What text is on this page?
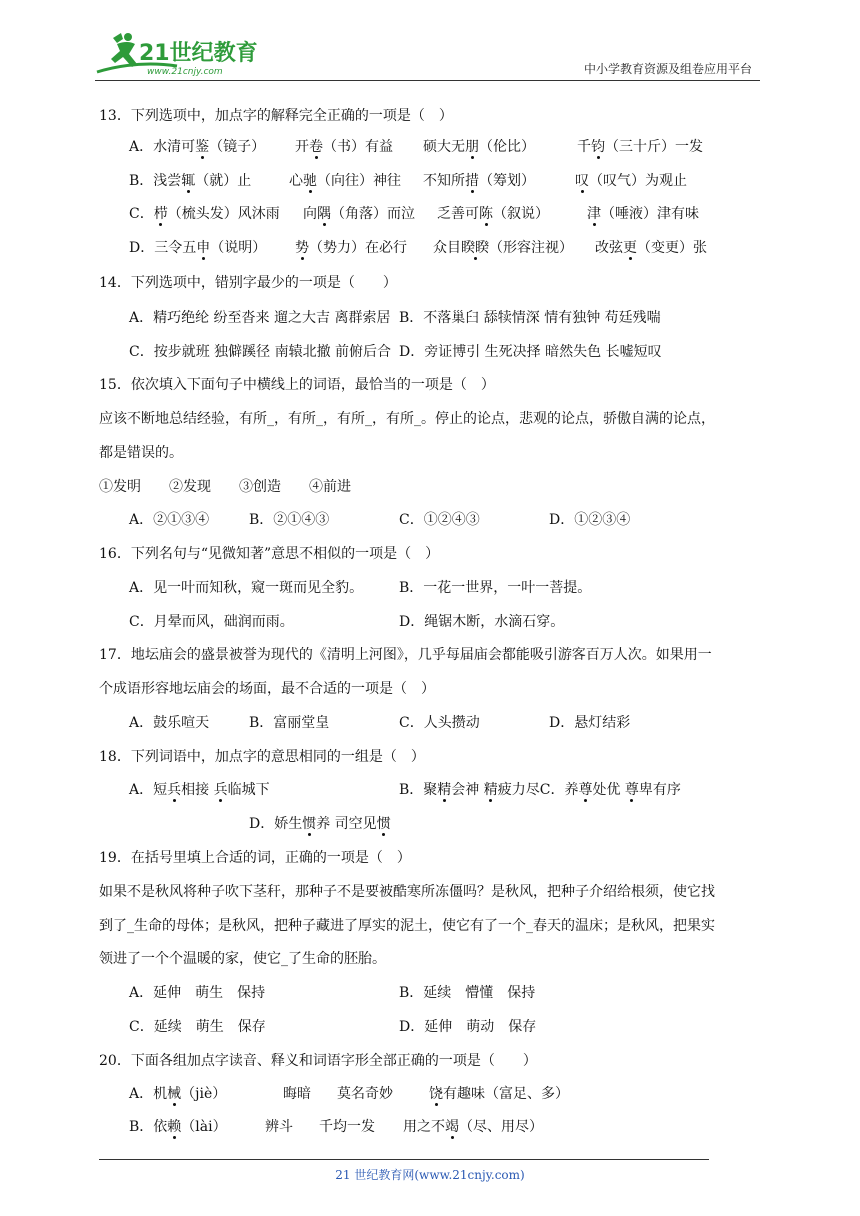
21世纪教育
www.21cnjy.com	中小学教育资源及组卷应用平台
13．下列选项中，加点字的解释完全正确的一项是（　）
A．水清可鉴（镜子） 开卷（书）有益 硕大无朋（伦比）	千钧（三十斤）一发
B．浅尝辄（就）止	心驰（向往）神往 不知所措（筹划）	叹（叹气）为观止
C．栉（梳头发）风沐雨 向隅（角落）而泣 乏善可陈（叙说）	津（唾液）津有味
D．三令五申（说明） 势（势力）在必行 众目睽睽（形容注视） 改弦更（变更）张
14．下列选项中，错别字最少的一项是（　　）
A．精巧绝纶 纷至沓来 遛之大吉 离群索居 B．不落巢臼 舔犊情深 情有独钟 苟廷残喘
C．按步就班 独僻蹊径 南辕北撤 前俯后合 D．旁证博引 生死决择 暗然失色 长嘘短叹
15．依次填入下面句子中横线上的词语，最恰当的一项是（　）
应该不断地总结经验，有所_，有所_，有所_，有所_。停止的论点，悲观的论点，骄傲自满的论点，
都是错误的。
①发明　　②发现　　③创造　　④前进
A．②①③④	B．②①④③	C．①②④③	D．①②③④
16．下列名句与“见微知著”意思不相似的一项是（　）
A．见一叶而知秋，窥一斑而见全豹。	B．一花一世界，一叶一菩提。
C．月晕而风，础润而雨。	D．绳锯木断，水滴石穿。
17．地坛庙会的盛景被誉为现代的《清明上河图》，几乎每届庙会都能吸引游客百万人次。如果用一
个成语形容地坛庙会的场面，最不合适的一项是（　）
A．鼓乐喧天	B．富丽堂皇	C．人头攒动	D．悬灯结彩
18．下列词语中，加点字的意思相同的一组是（　）
A．短兵相接 兵临城下	B．聚精会神 精疲力尽C．养尊处优 尊卑有序
D．娇生惯养 司空见惯
19．在括号里填上合适的词，正确的一项是（　）
如果不是秋风将种子吹下茎秆，那种子不是要被酷寒所冻僵吗？是秋风，把种子介绍给根须，使它找
到了_生命的母体；是秋风，把种子藏进了厚实的泥土，使它有了一个_春天的温床；是秋风，把果实
领进了一个个温暖的家，使它_了生命的胚胎。
A．延伸　萌生　保持	B．延续　懵懂　保持
C．延续　萌生　保存	D．延伸　萌动　保存
20．下面各组加点字读音、释义和词语字形全部正确的一项是（　　）
A．机械（jiè）	晦暗 莫名奇妙	饶有趣味（富足、多）
B．依赖（lài）	辨斗 千均一发 用之不竭（尽、用尽）
21 世纪教育网(www.21cnjy.com)
